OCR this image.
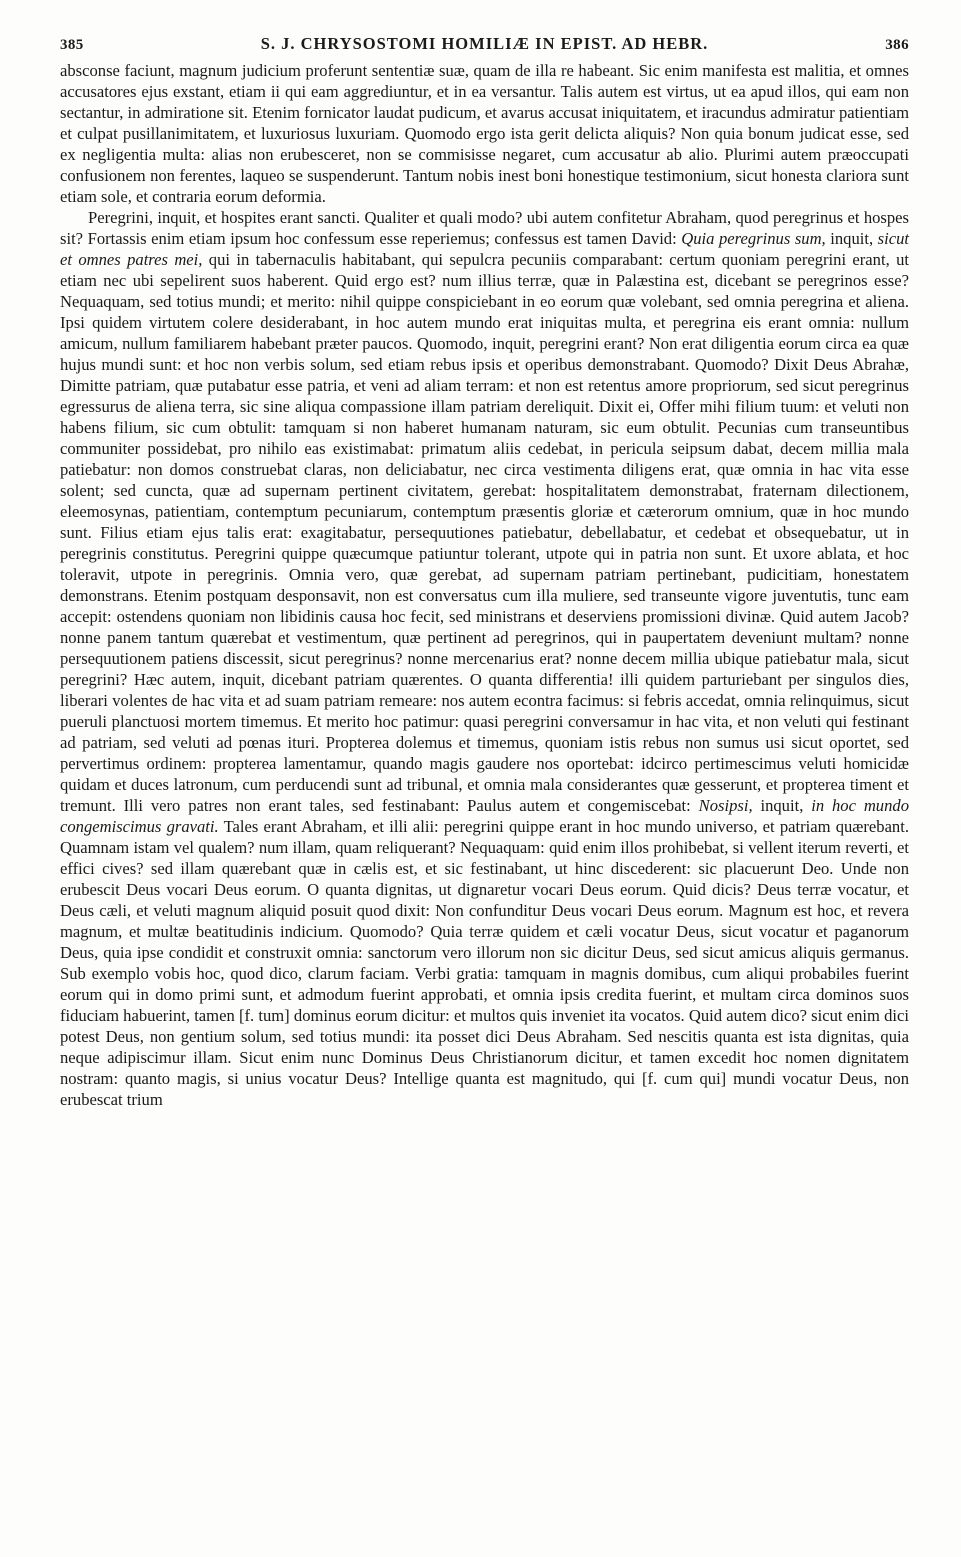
385	S. J. CHRYSOSTOMI HOMILIÆ IN EPIST. AD HEBR.	386

absconse faciunt, magnum judicium proferunt sententiæ suæ, quam de illa re habeant. Sic enim manifesta est malitia, et omnes accusatores ejus exstant, etiam ii qui eam aggrediuntur, et in ea versantur. Talis autem est virtus, ut ea apud illos, qui eam non sectantur, in admiratione sit. Etenim fornicator laudat pudicum, et avarus accusat iniquitatem, et iracundus admiratur patientiam et culpat pusillanimitatem, et luxuriosus luxuriam. Quomodo ergo ista gerit delicta aliquis? Non quia bonum judicat esse, sed ex negligentia multa: alias non erubesceret, non se commisisse negaret, cum accusatur ab alio. Plurimi autem præoccupati confusionem non ferentes, laqueo se suspenderunt. Tantum nobis inest boni honestique testimonium, sicut honesta clariora sunt etiam sole, et contraria eorum deformia.

Peregrini, inquit, et hospites erant sancti. Qualiter et quali modo? ubi autem confitetur Abraham, quod peregrinus et hospes sit? Fortassis enim etiam ipsum hoc confessum esse reperiemus; confessus est tamen David: Quia peregrinus sum, inquit, sicut et omnes patres mei, qui in tabernaculis habitabant, qui sepulcra pecuniis comparabant: certum quoniam peregrini erant, ut etiam nec ubi sepelirent suos haberent. Quid ergo est? num illius terræ, quæ in Palæstina est, dicebant se peregrinos esse? Nequaquam, sed totius mundi; et merito: nihil quippe conspiciebant in eo eorum quæ volebant, sed omnia peregrina et aliena. Ipsi quidem virtutem colere desiderabant, in hoc autem mundo erat iniquitas multa, et peregrina eis erant omnia: nullum amicum, nullum familiarem habebant præter paucos. Quomodo, inquit, peregrini erant? Non erat diligentia eorum circa ea quæ hujus mundi sunt: et hoc non verbis solum, sed etiam rebus ipsis et operibus demonstrabant. Quomodo? Dixit Deus Abrahæ, Dimitte patriam, quæ putabatur esse patria, et veni ad aliam terram: et non est retentus amore propriorum, sed sicut peregrinus egressurus de aliena terra, sic sine aliqua compassione illam patriam dereliquit. Dixit ei, Offer mihi filium tuum: et veluti non habens filium, sic cum obtulit: tamquam si non haberet humanam naturam, sic eum obtulit. Pecunias cum transeuntibus communiter possidebat, pro nihilo eas existimabat: primatum aliis cedebat, in pericula seipsum dabat, decem millia mala patiebatur: non domos construebat claras, non deliciabatur, nec circa vestimenta diligens erat, quæ omnia in hac vita esse solent; sed cuncta, quæ ad supernam pertinent civitatem, gerebat: hospitalitatem demonstrabat, fraternam dilectionem, eleemosynas, patientiam, contemptum pecuniarum, contemptum præsentis gloriæ et cæterorum omnium, quæ in hoc mundo sunt. Filius etiam ejus talis erat: exagitabatur, persequutiones patiebatur, debellabatur, et cedebat et obsequebatur, ut in peregrinis constitutus. Peregrini quippe quæcumque patiuntur tolerant, utpote qui in patria non sunt. Et uxore ablata, et hoc toleravit, utpote in peregrinis. Omnia vero, quæ gerebat, ad supernam patriam pertinebant, pudicitiam, honestatem demonstrans. Etenim postquam desponsavit, non est conversatus cum illa muliere, sed transeunte vigore juventutis, tunc eam accepit: ostendens quoniam non libidinis causa hoc fecit, sed ministrans et deserviens promissioni divinæ. Quid autem Jacob? nonne panem tantum quærebat et vestimentum, quæ pertinent ad peregrinos, qui in paupertatem deveniunt multam? nonne persequutionem patiens discessit, sicut peregrinus? nonne mercenarius erat? nonne decem millia ubique patiebatur mala, sicut peregrini? Hæc autem, inquit, dicebant patriam quærentes. O quanta differentia! illi quidem parturiebant per singulos dies, liberari volentes de hac vita et ad suam patriam remeare: nos autem econtra facimus: si febris accedat, omnia relinquimus, sicut pueruli planctuosi mortem timemus. Et merito hoc patimur: quasi peregrini conversamur in hac vita, et non veluti qui festinant ad patriam, sed veluti ad pœnas ituri. Propterea dolemus et timemus, quoniam istis rebus non sumus usi sicut oportet, sed pervertimus ordinem: propterea lamentamur, quando magis gaudere nos oportebat: idcirco pertimescimus veluti homicidæ quidam et duces latronum, cum perducendi sunt ad tribunal, et omnia mala considerantes quæ gesserunt, et propterea timent et tremunt. Illi vero patres non erant tales, sed festinabant: Paulus autem et congemiscebat: Nosipsi, inquit, in hoc mundo congemiscimus gravati. Tales erant Abraham, et illi alii: peregrini quippe erant in hoc mundo universo, et patriam quærebant. Quamnam istam vel qualem? num illam, quam reliquerant? Nequaquam: quid enim illos prohibebat, si vellent iterum reverti, et effici cives? sed illam quærebant quæ in cælis est, et sic festinabant, ut hinc discederent: sic placuerunt Deo. Unde non erubescit Deus vocari Deus eorum. O quanta dignitas, ut dignaretur vocari Deus eorum. Quid dicis? Deus terræ vocatur, et Deus cæli, et veluti magnum aliquid posuit quod dixit: Non confunditur Deus vocari Deus eorum. Magnum est hoc, et revera magnum, et multæ beatitudinis indicium. Quomodo? Quia terræ quidem et cæli vocatur Deus, sicut vocatur et paganorum Deus, quia ipse condidit et construxit omnia: sanctorum vero illorum non sic dicitur Deus, sed sicut amicus aliquis germanus. Sub exemplo vobis hoc, quod dico, clarum faciam. Verbi gratia: tamquam in magnis domibus, cum aliqui probabiles fuerint eorum qui in domo primi sunt, et admodum fuerint approbati, et omnia ipsis credita fuerint, et multam circa dominos suos fiduciam habuerint, tamen [f. tum] dominus eorum dicitur: et multos quis inveniet ita vocatos. Quid autem dico? sicut enim dici potest Deus, non gentium solum, sed totius mundi: ita posset dici Deus Abraham. Sed nescitis quanta est ista dignitas, quia neque adipiscimur illam. Sicut enim nunc Dominus Deus Christianorum dicitur, et tamen excedit hoc nomen dignitatem nostram: quanto magis, si unius vocatur Deus? Intellige quanta est magnitudo, qui [f. cum qui] mundi vocatur Deus, non erubescat trium
